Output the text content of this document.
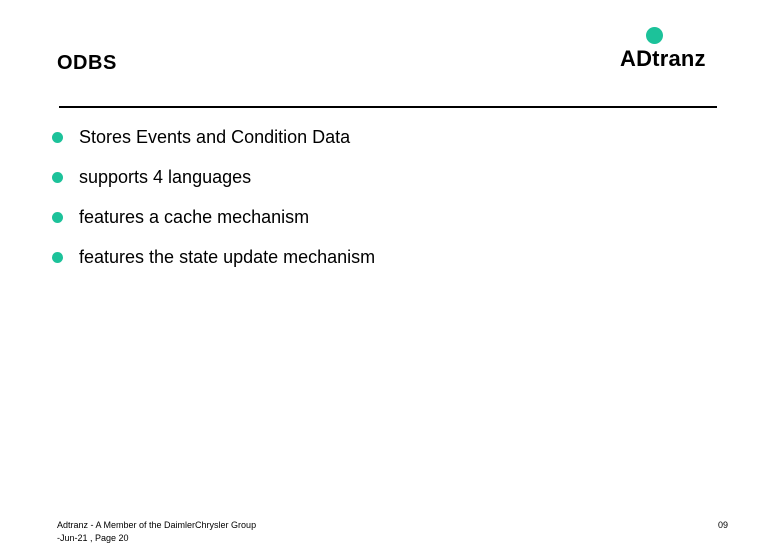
ODBS	ADtranz
Stores Events and Condition Data
supports 4 languages
features a cache mechanism
features the state update mechanism
Adtranz - A Member of the DaimlerChrysler Group
-Jun-21 , Page 20
09
